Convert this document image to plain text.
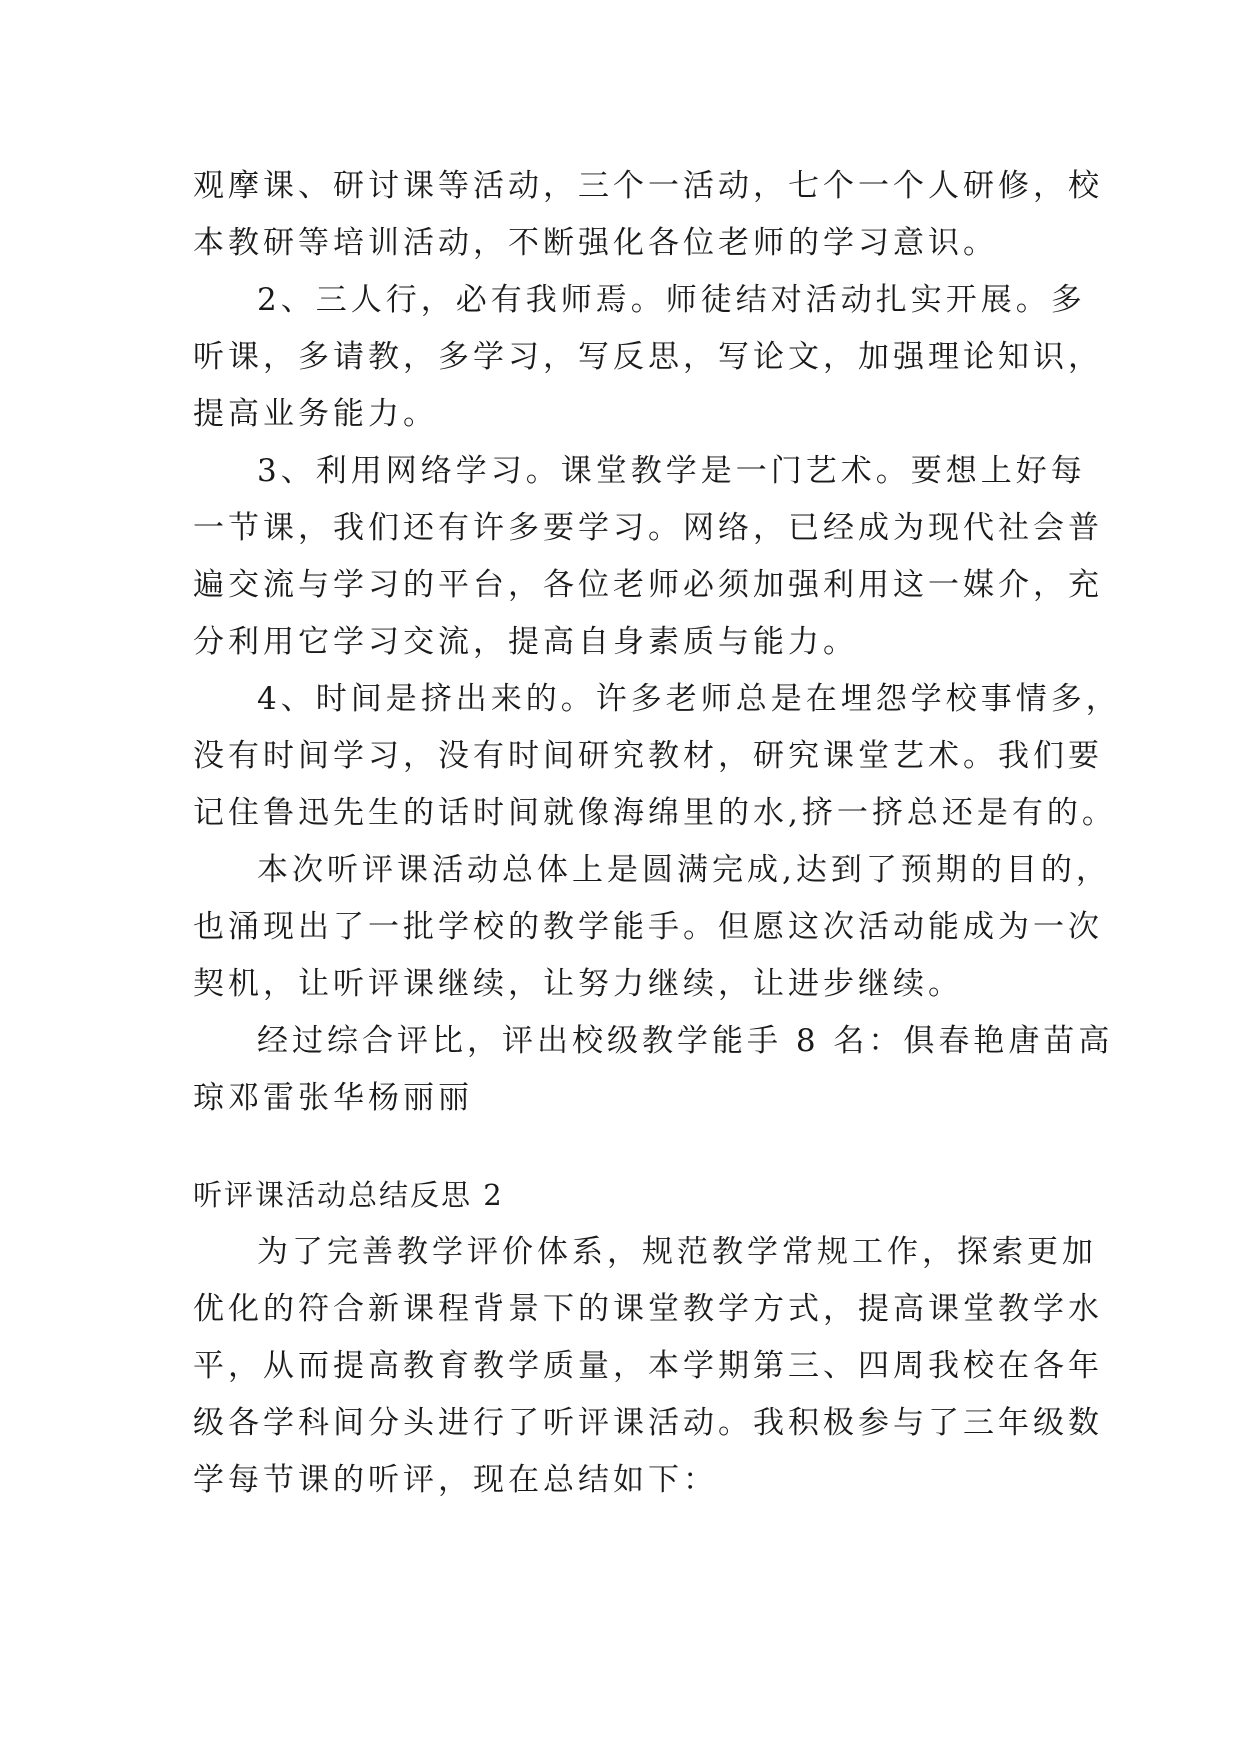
观摩课、研讨课等活动，三个一活动，七个一个人研修，校
本教研等培训活动，不断强化各位老师的学习意识。
2、三人行，必有我师焉。师徒结对活动扎实开展。多
听课，多请教，多学习，写反思，写论文，加强理论知识，
提高业务能力。
3、利用网络学习。课堂教学是一门艺术。要想上好每
一节课，我们还有许多要学习。网络，已经成为现代社会普
遍交流与学习的平台，各位老师必须加强利用这一媒介，充
分利用它学习交流，提高自身素质与能力。
4、时间是挤出来的。许多老师总是在埋怨学校事情多，
没有时间学习，没有时间研究教材，研究课堂艺术。我们要
记住鲁迅先生的话时间就像海绵里的水,挤一挤总还是有的。
本次听评课活动总体上是圆满完成,达到了预期的目的，
也涌现出了一批学校的教学能手。但愿这次活动能成为一次
契机，让听评课继续，让努力继续，让进步继续。
经过综合评比，评出校级教学能手 8 名：俱春艳唐苗高
琼邓雷张华杨丽丽
听评课活动总结反思 2
为了完善教学评价体系，规范教学常规工作，探索更加
优化的符合新课程背景下的课堂教学方式，提高课堂教学水
平，从而提高教育教学质量，本学期第三、四周我校在各年
级各学科间分头进行了听评课活动。我积极参与了三年级数
学每节课的听评，现在总结如下：
